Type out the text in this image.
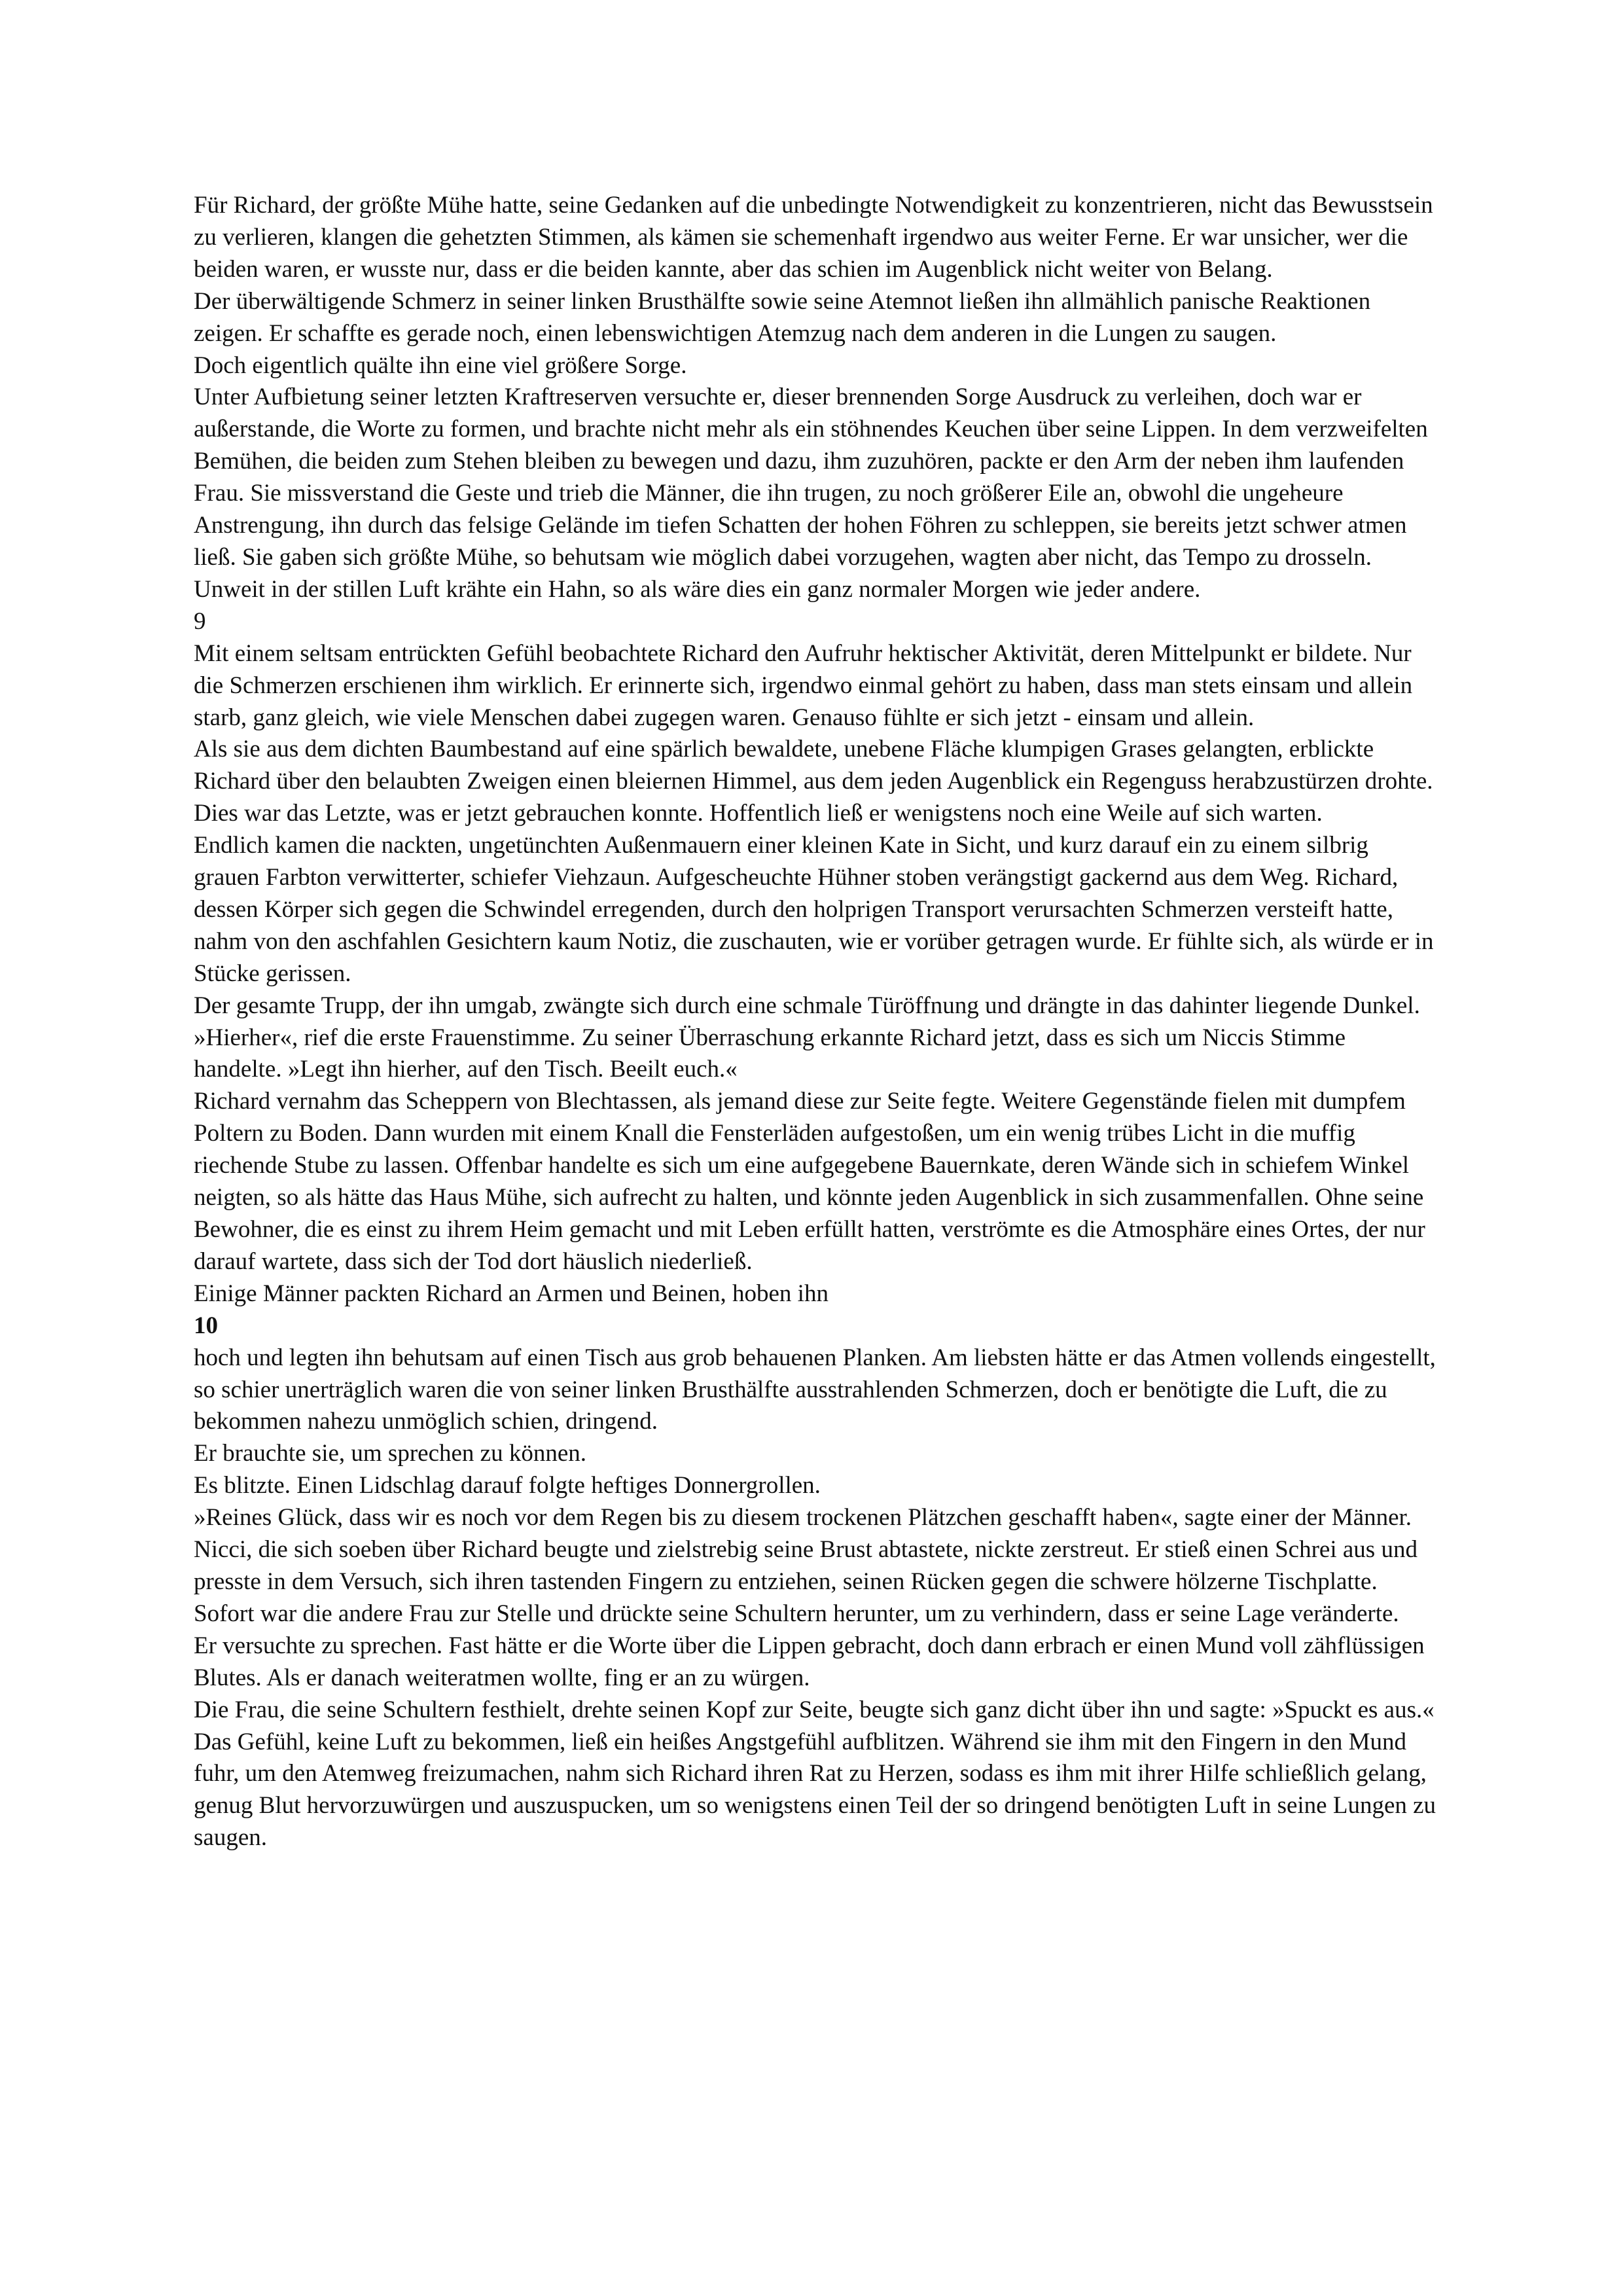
Für Richard, der größte Mühe hatte, seine Gedanken auf die unbedingte Notwendigkeit zu konzentrieren, nicht das Bewusstsein zu verlieren, klangen die gehetzten Stimmen, als kämen sie schemenhaft irgendwo aus weiter Ferne. Er war unsicher, wer die beiden waren, er wusste nur, dass er die beiden kannte, aber das schien im Augenblick nicht weiter von Belang.

Der überwältigende Schmerz in seiner linken Brusthälfte sowie seine Atemnot ließen ihn allmählich panische Reaktionen zeigen. Er schaffte es gerade noch, einen lebenswichtigen Atemzug nach dem anderen in die Lungen zu saugen.

Doch eigentlich quälte ihn eine viel größere Sorge.

Unter Aufbietung seiner letzten Kraftreserven versuchte er, dieser brennenden Sorge Ausdruck zu verleihen, doch war er außerstande, die Worte zu formen, und brachte nicht mehr als ein stöhnendes Keuchen über seine Lippen. In dem verzweifelten Bemühen, die beiden zum Stehen bleiben zu bewegen und dazu, ihm zuzuhören, packte er den Arm der neben ihm laufenden Frau. Sie missverstand die Geste und trieb die Männer, die ihn trugen, zu noch größerer Eile an, obwohl die ungeheure Anstrengung, ihn durch das felsige Gelände im tiefen Schatten der hohen Föhren zu schleppen, sie bereits jetzt schwer atmen ließ. Sie gaben sich größte Mühe, so behutsam wie möglich dabei vorzugehen, wagten aber nicht, das Tempo zu drosseln.

Unweit in der stillen Luft krähte ein Hahn, so als wäre dies ein ganz normaler Morgen wie jeder andere.

9

Mit einem seltsam entrückten Gefühl beobachtete Richard den Aufruhr hektischer Aktivität, deren Mittelpunkt er bildete. Nur die Schmerzen erschienen ihm wirklich. Er erinnerte sich, irgendwo einmal gehört zu haben, dass man stets einsam und allein starb, ganz gleich, wie viele Menschen dabei zugegen waren. Genauso fühlte er sich jetzt - einsam und allein.

Als sie aus dem dichten Baumbestand auf eine spärlich bewaldete, unebene Fläche klumpigen Grases gelangten, erblickte Richard über den belaubten Zweigen einen bleiernen Himmel, aus dem jeden Augenblick ein Regenguss herabzustürzen drohte. Dies war das Letzte, was er jetzt gebrauchen konnte. Hoffentlich ließ er wenigstens noch eine Weile auf sich warten.

Endlich kamen die nackten, ungetünchten Außenmauern einer kleinen Kate in Sicht, und kurz darauf ein zu einem silbrig grauen Farbton verwitterter, schiefer Viehzaun. Aufgescheuchte Hühner stoben verängstigt gackernd aus dem Weg. Richard, dessen Körper sich gegen die Schwindel erregenden, durch den holprigen Transport verursachten Schmerzen versteift hatte, nahm von den aschfahlen Gesichtern kaum Notiz, die zuschauten, wie er vorüber getragen wurde. Er fühlte sich, als würde er in Stücke gerissen.

Der gesamte Trupp, der ihn umgab, zwängte sich durch eine schmale Türöffnung und drängte in das dahinter liegende Dunkel.

»Hierher«, rief die erste Frauenstimme. Zu seiner Überraschung erkannte Richard jetzt, dass es sich um Niccis Stimme handelte. »Legt ihn hierher, auf den Tisch. Beeilt euch.«

Richard vernahm das Scheppern von Blechtassen, als jemand diese zur Seite fegte. Weitere Gegenstände fielen mit dumpfem Poltern zu Boden. Dann wurden mit einem Knall die Fensterläden aufgestoßen, um ein wenig trübes Licht in die muffig riechende Stube zu lassen. Offenbar handelte es sich um eine aufgegebene Bauernkate, deren Wände sich in schiefem Winkel neigten, so als hätte das Haus Mühe, sich aufrecht zu halten, und könnte jeden Augenblick in sich zusammenfallen. Ohne seine Bewohner, die es einst zu ihrem Heim gemacht und mit Leben erfüllt hatten, verströmte es die Atmosphäre eines Ortes, der nur darauf wartete, dass sich der Tod dort häuslich niederließ.

Einige Männer packten Richard an Armen und Beinen, hoben ihn

10

hoch und legten ihn behutsam auf einen Tisch aus grob behauenen Planken. Am liebsten hätte er das Atmen vollends eingestellt, so schier unerträglich waren die von seiner linken Brusthälfte ausstrahlenden Schmerzen, doch er benötigte die Luft, die zu bekommen nahezu unmöglich schien, dringend.

Er brauchte sie, um sprechen zu können.

Es blitzte. Einen Lidschlag darauf folgte heftiges Donnergrollen.

»Reines Glück, dass wir es noch vor dem Regen bis zu diesem trockenen Plätzchen geschafft haben«, sagte einer der Männer.

Nicci, die sich soeben über Richard beugte und zielstrebig seine Brust abtastete, nickte zerstreut. Er stieß einen Schrei aus und presste in dem Versuch, sich ihren tastenden Fingern zu entziehen, seinen Rücken gegen die schwere hölzerne Tischplatte. Sofort war die andere Frau zur Stelle und drückte seine Schultern herunter, um zu verhindern, dass er seine Lage veränderte.

Er versuchte zu sprechen. Fast hätte er die Worte über die Lippen gebracht, doch dann erbrach er einen Mund voll zähflüssigen Blutes. Als er danach weiteratmen wollte, fing er an zu würgen.

Die Frau, die seine Schultern festhielt, drehte seinen Kopf zur Seite, beugte sich ganz dicht über ihn und sagte: »Spuckt es aus.«

Das Gefühl, keine Luft zu bekommen, ließ ein heißes Angstgefühl aufblitzen. Während sie ihm mit den Fingern in den Mund fuhr, um den Atemweg freizumachen, nahm sich Richard ihren Rat zu Herzen, sodass es ihm mit ihrer Hilfe schließlich gelang, genug Blut hervorzuwürgen und auszuspucken, um so wenigstens einen Teil der so dringend benötigten Luft in seine Lungen zu saugen.
